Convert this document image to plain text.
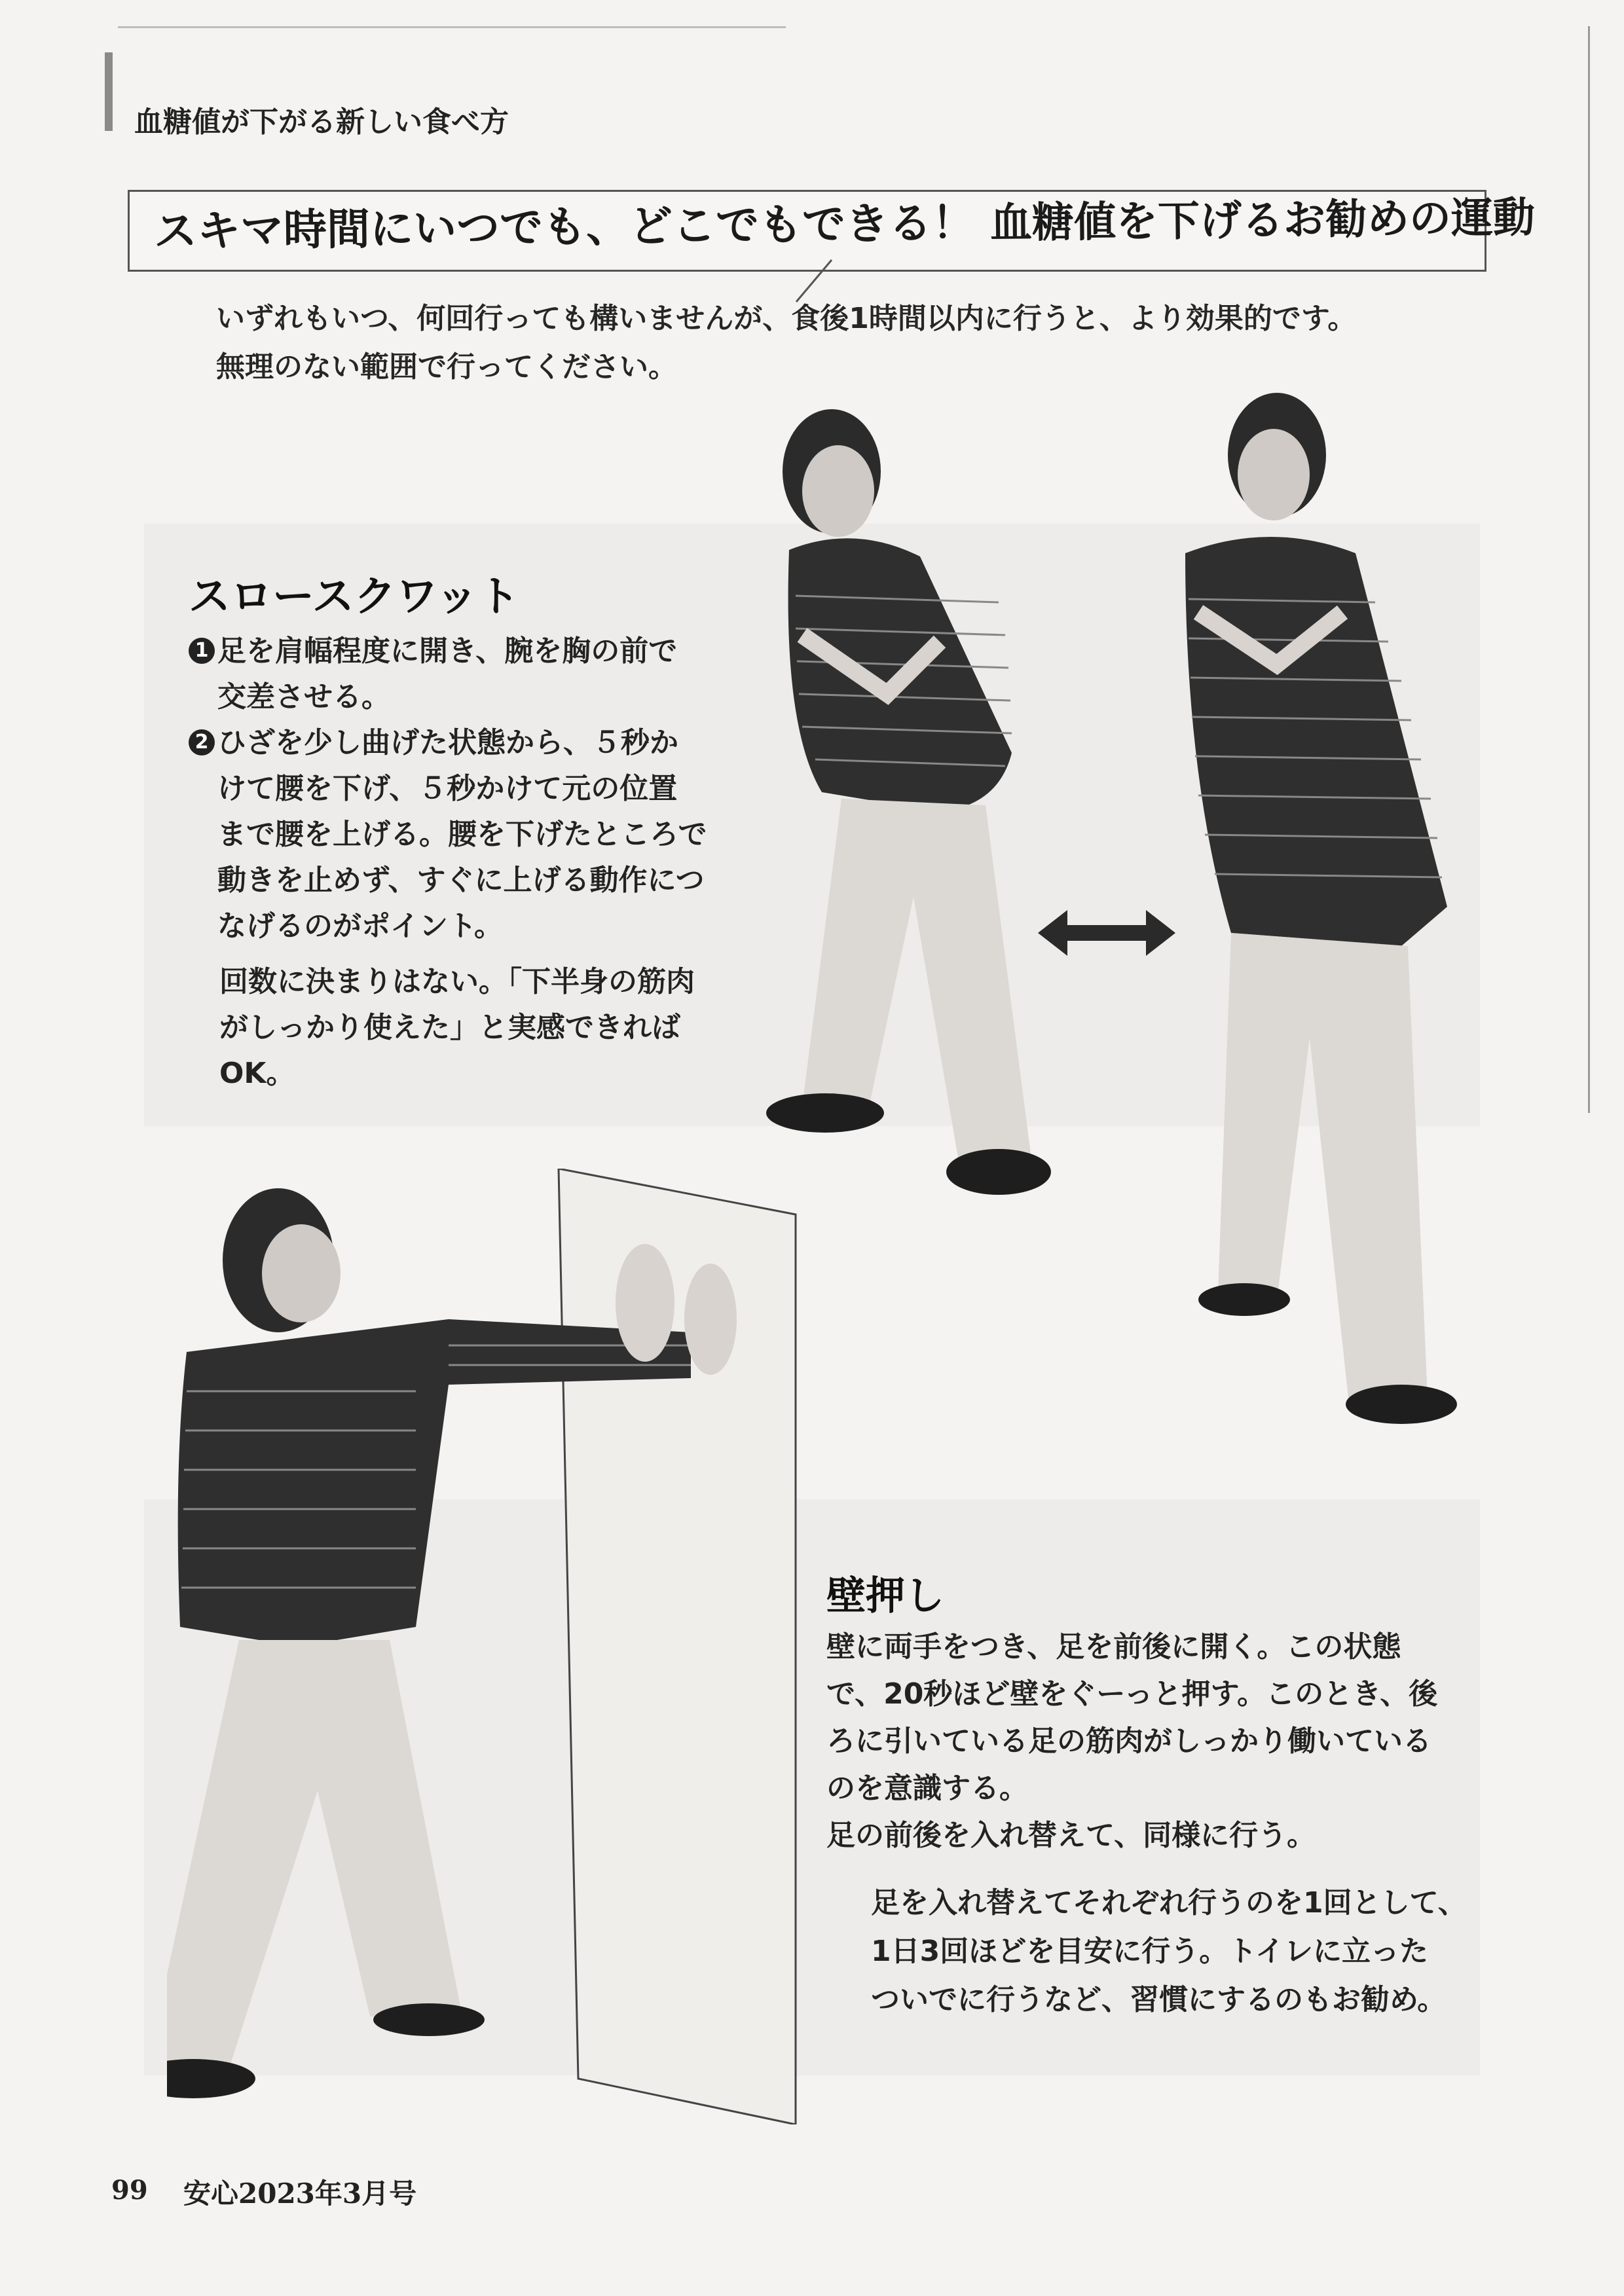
血糖値が下がる新しい食べ方
スキマ時間にいつでも、どこでもできる！ 血糖値を下げるお勧めの運動
いずれもいつ、何回行っても構いませんが、食後1時間以内に行うと、より効果的です。
無理のない範囲で行ってください。
スロースクワット
1 足を肩幅程度に開き、腕を胸の前で

交差させる。

2 ひざを少し曲げた状態から、５秒か

けて腰を下げ、５秒かけて元の位置

まで腰を上げる。腰を下げたところで

動きを止めず、すぐに上げる動作につ

なげるのがポイント。

回数に決まりはない。「下半身の筋肉

がしっかり使えた」と実感できれば

OK。

壁押し

壁に両手をつき、足を前後に開く。この状態

で、20秒ほど壁をぐーっと押す。このとき、後

ろに引いている足の筋肉がしっかり働いている

のを意識する。

足の前後を入れ替えて、同様に行う。

足を入れ替えてそれぞれ行うのを1回として、

1日3回ほどを目安に行う。トイレに立った

ついでに行うなど、習慣にするのもお勧め。

99 安心2023年3月号
